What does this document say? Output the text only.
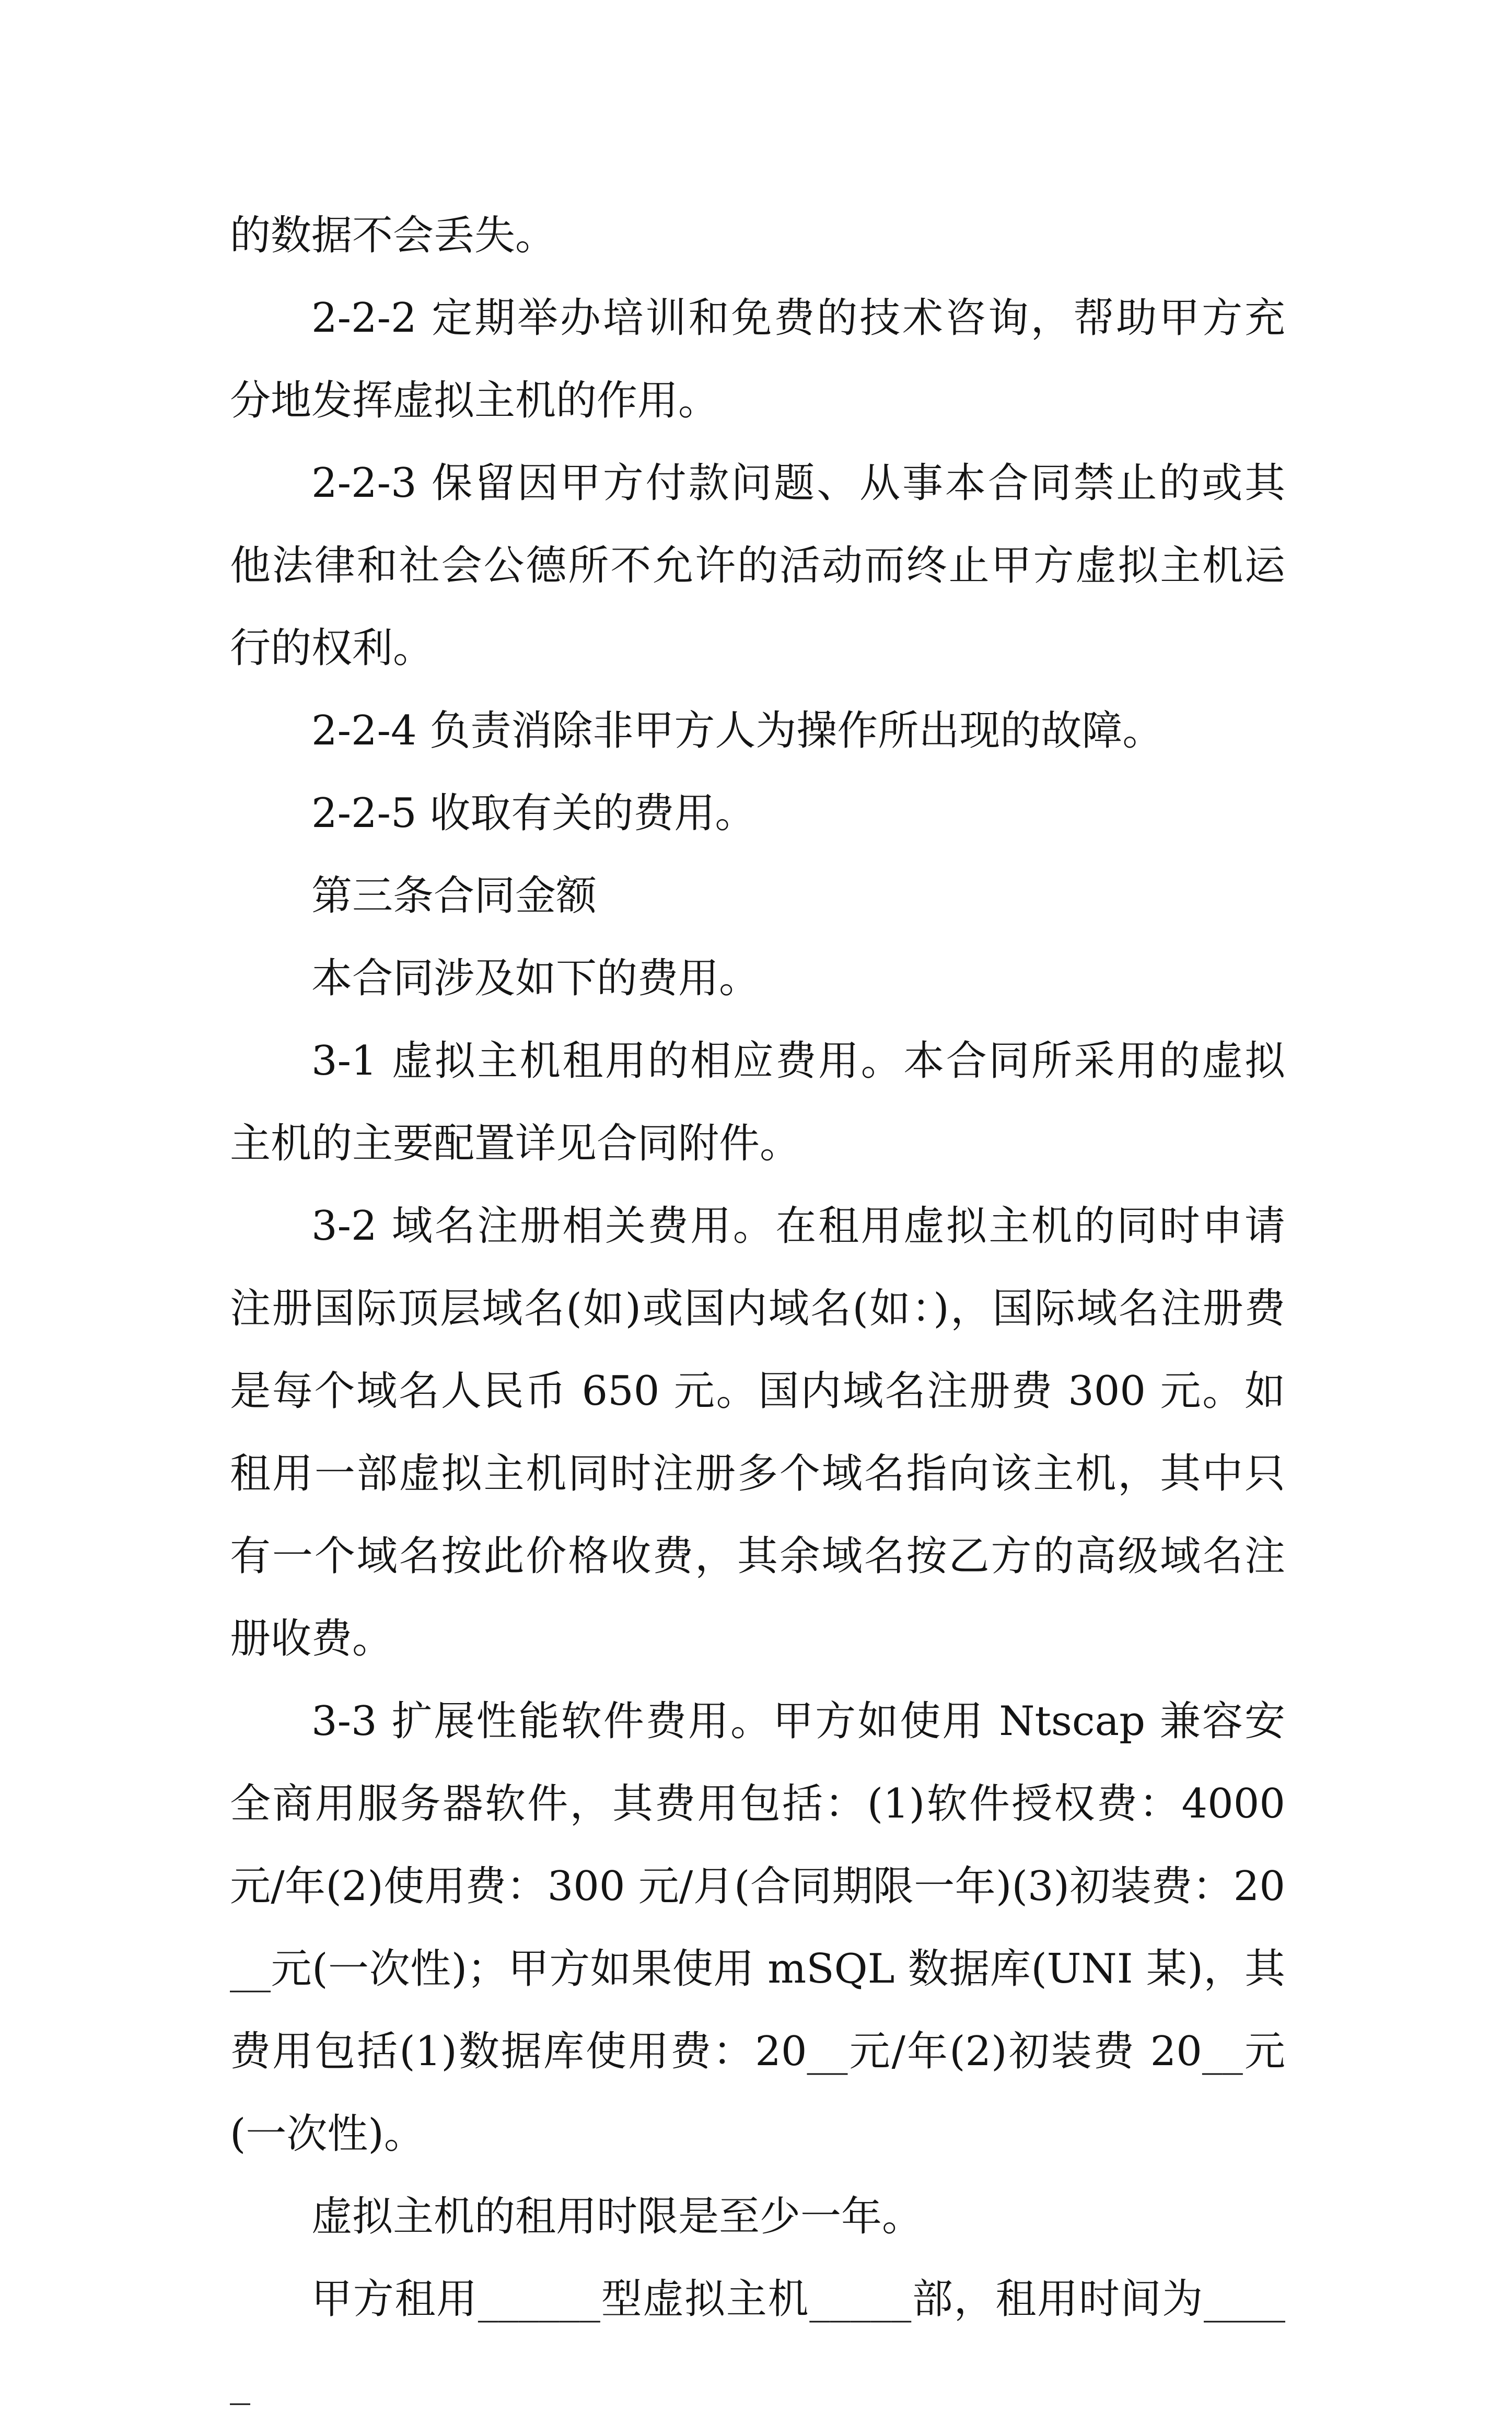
的数据不会丢失。

2-2-2 定期举办培训和免费的技术咨询，帮助甲方充分地发挥虚拟主机的作用。

2-2-3 保留因甲方付款问题、从事本合同禁止的或其他法律和社会公德所不允许的活动而终止甲方虚拟主机运行的权利。

2-2-4 负责消除非甲方人为操作所出现的故障。

2-2-5 收取有关的费用。

第三条合同金额

本合同涉及如下的费用。

3-1 虚拟主机租用的相应费用。本合同所采用的虚拟主机的主要配置详见合同附件。

3-2 域名注册相关费用。在租用虚拟主机的同时申请注册国际顶层域名(如)或国内域名(如：)，国际域名注册费是每个域名人民币 650 元。国内域名注册费 300 元。如租用一部虚拟主机同时注册多个域名指向该主机，其中只有一个域名按此价格收费，其余域名按乙方的高级域名注册收费。

3-3 扩展性能软件费用。甲方如使用 Ntscap 兼容安全商用服务器软件，其费用包括：(1)软件授权费：4000 元/年(2)使用费：300 元/月(合同期限一年)(3)初装费：20__元(一次性)；甲方如果使用 mSQL 数据库(UNI 某)，其费用包括(1)数据库使用费：20__元/年(2)初装费 20__元(一次性)。

虚拟主机的租用时限是至少一年。

甲方租用______型虚拟主机_____部，租用时间为_____
